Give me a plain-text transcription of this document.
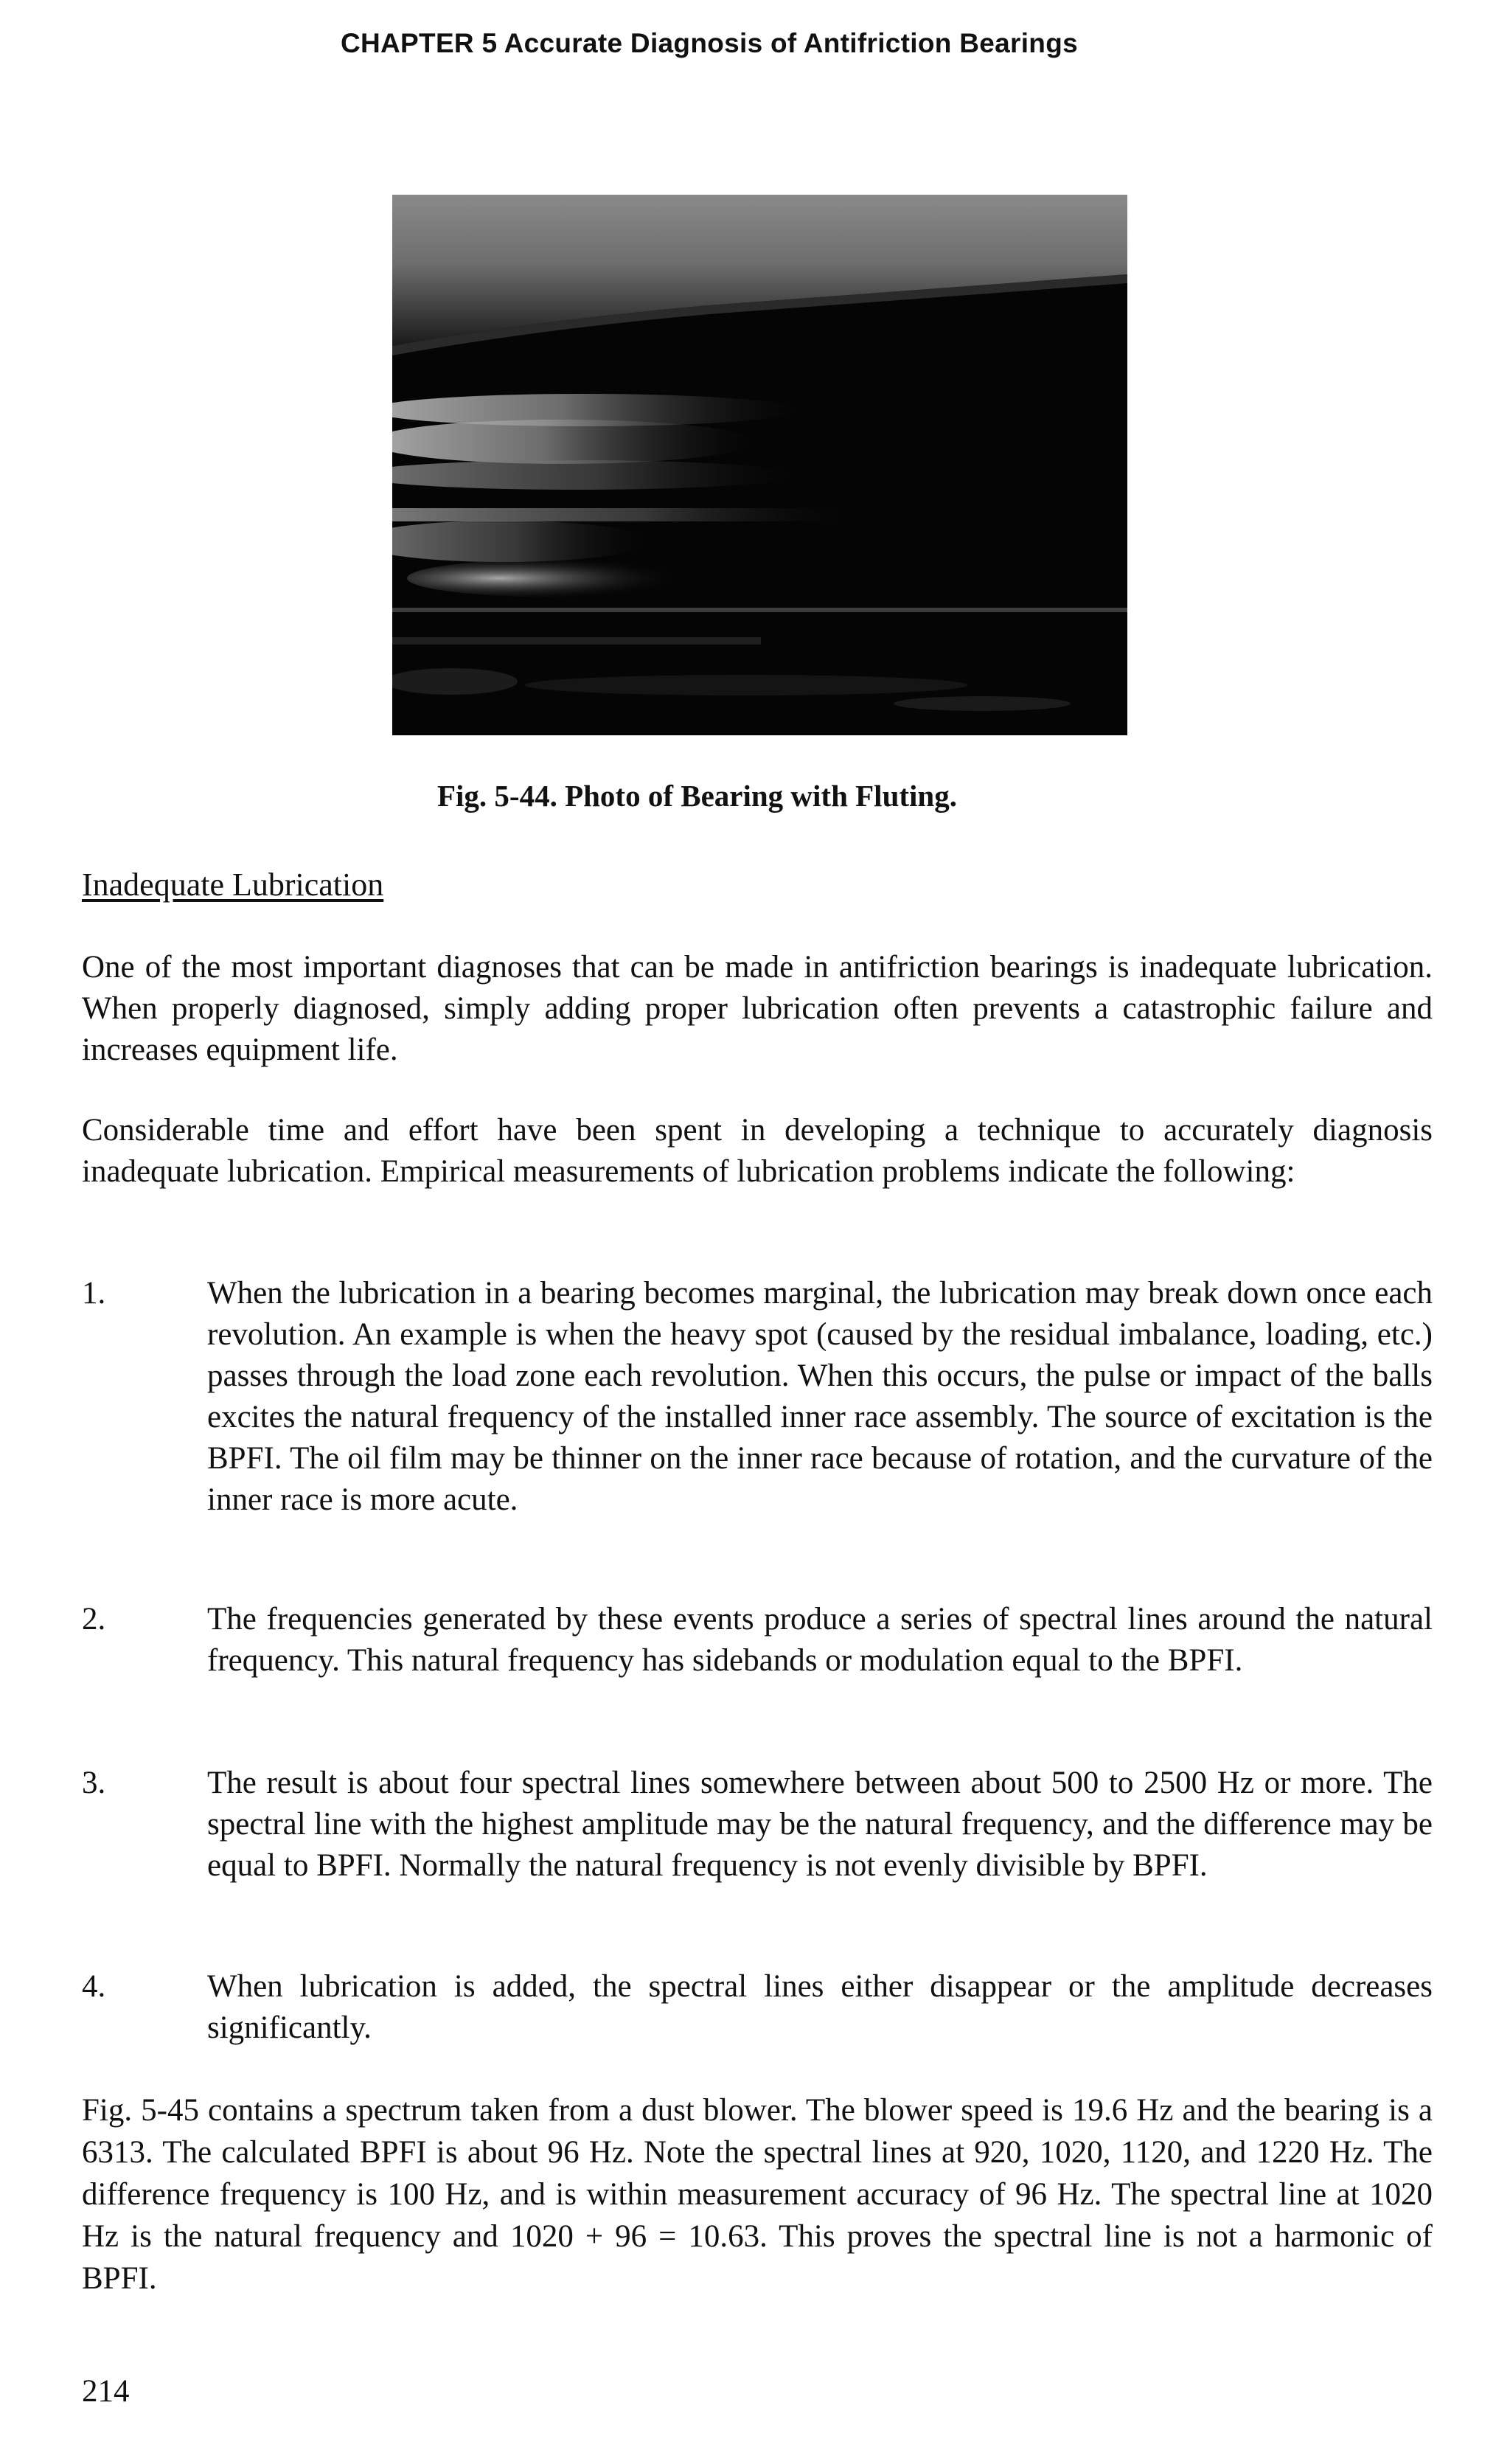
CHAPTER 5 Accurate Diagnosis of Antifriction Bearings
Fig. 5-44. Photo of Bearing with Fluting.
Inadequate Lubrication

One of the most important diagnoses that can be made in antifriction bearings is inadequate lubrication. When properly diagnosed, simply adding proper lubrication often prevents a catastrophic failure and increases equipment life.

Considerable time and effort have been spent in developing a technique to accurately diagnosis inadequate lubrication. Empirical measurements of lubrication problems indicate the following:

1.	When the lubrication in a bearing becomes marginal, the lubrication may break down once each revolution. An example is when the heavy spot (caused by the residual imbalance, loading, etc.) passes through the load zone each revolution. When this occurs, the pulse or impact of the balls excites the natural frequency of the installed inner race assembly. The source of excitation is the BPFI. The oil film may be thinner on the inner race because of rotation, and the curvature of the inner race is more acute.
2.	The frequencies generated by these events produce a series of spectral lines around the natural frequency. This natural frequency has sidebands or modulation equal to the BPFI.
3.	The result is about four spectral lines somewhere between about 500 to 2500 Hz or more. The spectral line with the highest amplitude may be the natural frequency, and the difference may be equal to BPFI. Normally the natural frequency is not evenly divisible by BPFI.
4.	When lubrication is added, the spectral lines either disappear or the amplitude decreases significantly.

Fig. 5-45 contains a spectrum taken from a dust blower. The blower speed is 19.6 Hz and the bearing is a 6313. The calculated BPFI is about 96 Hz. Note the spectral lines at 920, 1020, 1120, and 1220 Hz. The difference frequency is 100 Hz, and is within measurement accuracy of 96 Hz. The spectral line at 1020 Hz is the natural frequency and 1020 + 96 = 10.63. This proves the spectral line is not a harmonic of BPFI.

214
